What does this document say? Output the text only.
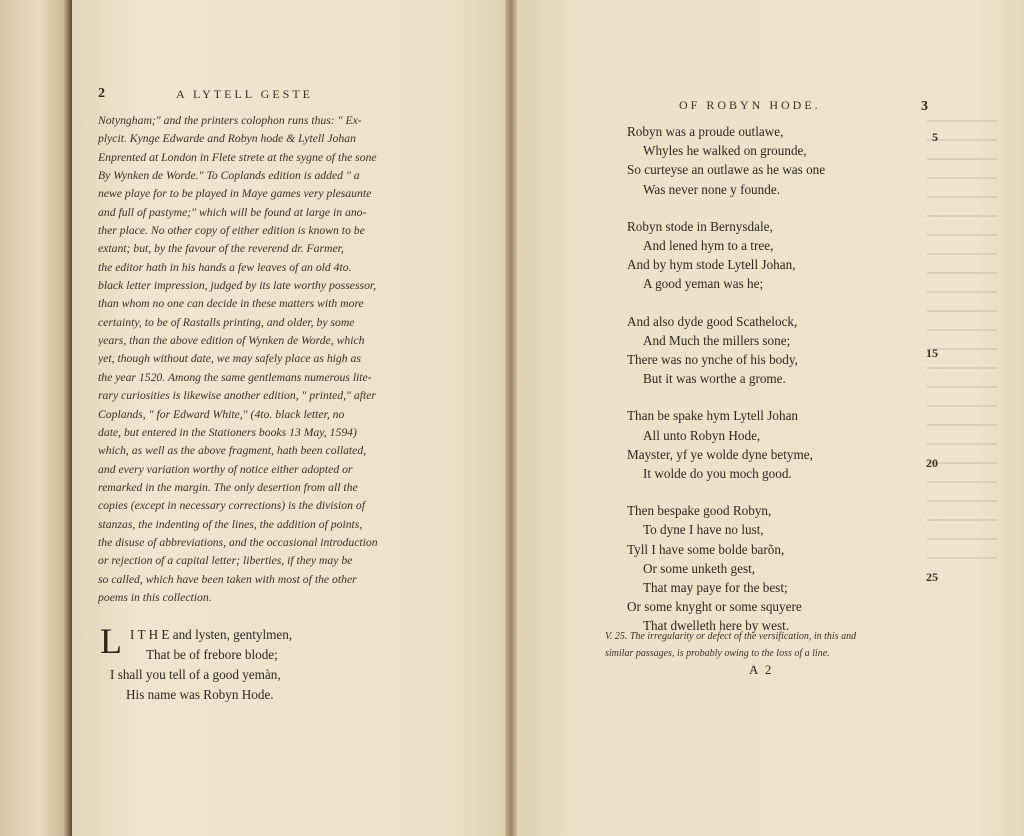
2	A LYTELL GESTE
Notyngham;" and the printers colophon runs thus: " Ex-
plycit. Kynge Edwarde and Robyn hode & Lytell Johan
Enprented at London in Flete strete at the sygne of the sone
By Wynken de Worde." To Coplands edition is added " a
newe playe for to be played in Maye games very plesaunte
and full of pastyme;" which will be found at large in ano-
ther place. No other copy of either edition is known to be
extant; but, by the favour of the reverend dr. Farmer,
the editor hath in his hands a few leaves of an old 4to.
black letter impression, judged by its late worthy possessor,
than whom no one can decide in these matters with more
certainty, to be of Rastalls printing, and older, by some
years, than the above edition of Wynken de Worde, which
yet, though without date, we may safely place as high as
the year 1520. Among the same gentlemans numerous lite-
rary curiosities is likewise another edition, " printed," after
Coplands, " for Edward White," (4to. black letter, no
date, but entered in the Stationers books 13 May, 1594)
which, as well as the above fragment, hath been collated,
and every variation worthy of notice either adopted or
remarked in the margin. The only desertion from all the
copies (except in necessary corrections) is the division of
stanzas, the indenting of the lines, the addition of points,
the disuse of abbreviations, and the occasional introduction
or rejection of a capital letter; liberties, if they may be
so called, which have been taken with most of the other
poems in this collection.
L I T H E and lysten, gentylmen,
That be of frebore blode;
I shall you tell of a good yemàn,
His name was Robyn Hode.
OF ROBYN HODE.	3
Robyn was a proude outlawe,
Whyles he walked on grounde,
So curteyse an outlawe as he was one
Was never none y founde.
Robyn stode in Bernysdale,
And lened hym to a tree,
And by hym stode Lytell Johan,
A good yeman was he;
And also dyde good Scathelock,
And Much the millers sone;
There was no ynche of his body,
But it was worthe a grome.
Than be spake hym Lytell Johan
All unto Robyn Hode,
Mayster, yf ye wolde dyne betyme,
It wolde do you moch good.
Then bespake good Robyn,
To dyne I have no lust,
Tyll I have some bolde barõn,
Or some unketh gest,
That may paye for the best;
Or some knyght or some squyere
That dwelleth here by west.
5
15
20
25
V. 25. The irregularity or defect of the versification, in this and
similar passages, is probably owing to the loss of a line.
A 2
